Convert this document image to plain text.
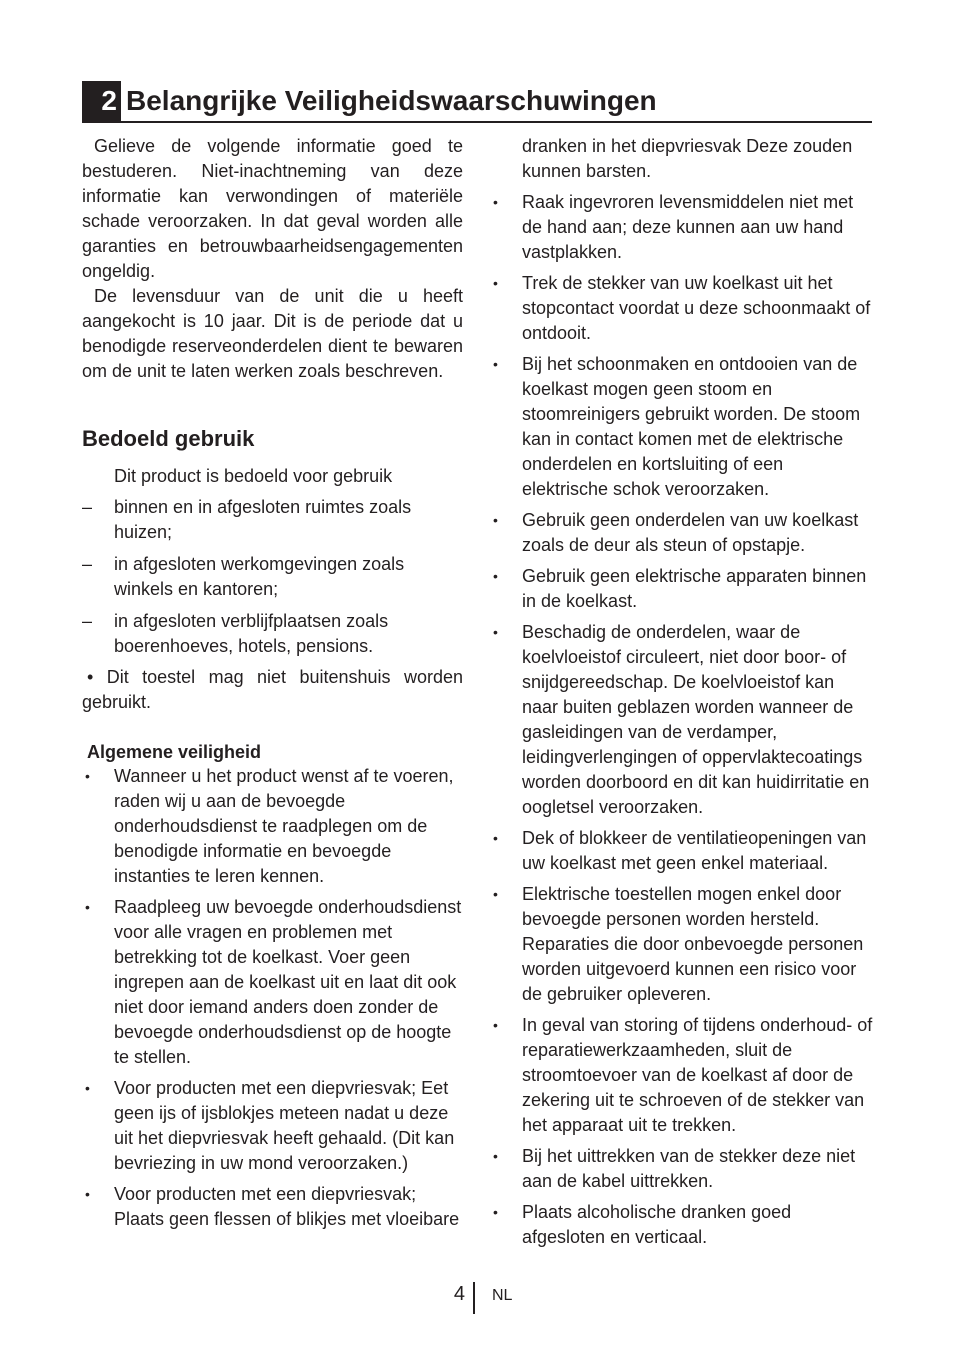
2 Belangrijke Veiligheidswaarschuwingen

Gelieve de volgende informatie goed te bestuderen. Niet-inachtneming van deze informatie kan verwondingen of materiële schade veroorzaken. In dat geval worden alle garanties en betrouwbaarheidsengagementen ongeldig.

De levensduur van de unit die u heeft aangekocht is 10 jaar. Dit is de periode dat u benodigde reserveonderdelen dient te bewaren om de unit te laten werken zoals beschreven.

Bedoeld gebruik

Dit product is bedoeld voor gebruik

–	binnen en in afgesloten ruimtes zoals huizen;
–	in afgesloten werkomgevingen zoals winkels en kantoren;
–	in afgesloten verblijfplaatsen zoals boerenhoeves, hotels, pensions.

• Dit toestel mag niet buitenshuis worden gebruikt.

Algemene veiligheid
•	Wanneer u het product wenst af te voeren, raden wij u aan de bevoegde onderhoudsdienst te raadplegen om de benodigde informatie en bevoegde instanties te leren kennen.
•	Raadpleeg uw bevoegde onderhoudsdienst voor alle vragen en problemen met betrekking tot de koelkast. Voer geen ingrepen aan de koelkast uit en laat dit ook niet door iemand anders doen zonder de bevoegde onderhoudsdienst op de hoogte te stellen.
•	Voor producten met een diepvriesvak; Eet geen ijs of ijsblokjes meteen nadat u deze uit het diepvriesvak heeft gehaald. (Dit kan bevriezing in uw mond veroorzaken.)
•	Voor producten met een diepvriesvak; Plaats geen flessen of blikjes met vloeibare

dranken in het diepvriesvak Deze zouden kunnen barsten.

•	Raak ingevroren levensmiddelen niet met de hand aan; deze kunnen aan uw hand vastplakken.
•	Trek de stekker van uw koelkast uit het stopcontact voordat u deze schoonmaakt of ontdooit.
•	Bij het schoonmaken en ontdooien van de koelkast mogen geen stoom en stoomreinigers gebruikt worden. De stoom kan in contact komen met de elektrische onderdelen en kortsluiting of een elektrische schok veroorzaken.
•	Gebruik geen onderdelen van uw koelkast zoals de deur als steun of opstapje.
•	Gebruik geen elektrische apparaten binnen in de koelkast.
•	Beschadig de onderdelen, waar de koelvloeistof circuleert, niet door boor- of snijdgereedschap. De koelvloeistof kan naar buiten geblazen worden wanneer de gasleidingen van de verdamper, leidingverlengingen of oppervlaktecoatings worden doorboord en dit kan huidirritatie en oogletsel veroorzaken.
•	Dek of blokkeer de ventilatieopeningen van uw koelkast met geen enkel materiaal.
•	Elektrische toestellen mogen enkel door bevoegde personen worden hersteld. Reparaties die door onbevoegde personen worden uitgevoerd kunnen een risico voor de gebruiker opleveren.
•	In geval van storing of tijdens onderhoud- of reparatiewerkzaamheden, sluit de stroomtoevoer van de koelkast af door de zekering uit te schroeven of de stekker van het apparaat uit te trekken.
•	Bij het uittrekken van de stekker deze niet aan de kabel uittrekken.
•	Plaats alcoholische dranken goed afgesloten en verticaal.
4 NL
